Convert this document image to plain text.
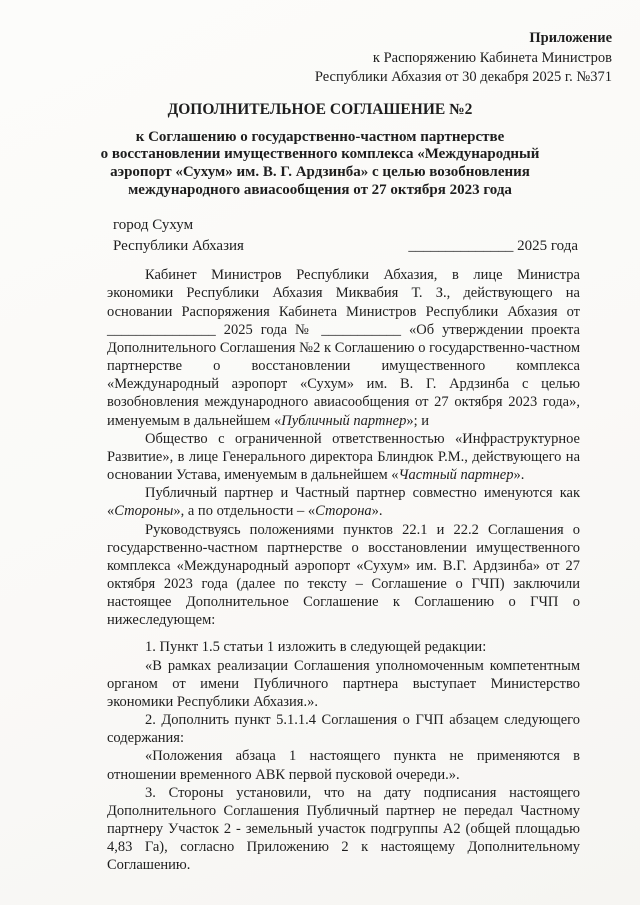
Приложение
к Распоряжению Кабинета Министров
Республики Абхазия от 30 декабря 2025 г. №371
ДОПОЛНИТЕЛЬНОЕ СОГЛАШЕНИЕ №2
к Соглашению о государственно-частном партнерстве
о восстановлении имущественного комплекса «Международный
аэропорт «Сухум» им. В. Г. Ардзинба» с целью возобновления
международного авиасообщения от 27 октября 2023 года
город Сухум
Республики Абхазия	______________ 2025 года

Кабинет Министров Республики Абхазия, в лице Министра экономики Республики Абхазия Миквабия Т. З., действующего на основании Распоряжения Кабинета Министров Республики Абхазия от _______________ 2025 года № ___________ «Об утверждении проекта Дополнительного Соглашения №2 к Соглашению о государственно-частном партнерстве о восстановлении имущественного комплекса «Международный аэропорт «Сухум» им. В. Г. Ардзинба с целью возобновления международного авиасообщения от 27 октября 2023 года», именуемым в дальнейшем «Публичный партнер»; и

Общество с ограниченной ответственностью «Инфраструктурное Развитие», в лице Генерального директора Блиндюк Р.М., действующего на основании Устава, именуемым в дальнейшем «Частный партнер».

Публичный партнер и Частный партнер совместно именуются как «Стороны», а по отдельности – «Сторона».

Руководствуясь положениями пунктов 22.1 и 22.2 Соглашения о государственно-частном партнерстве о восстановлении имущественного комплекса «Международный аэропорт «Сухум» им. В.Г. Ардзинба» от 27 октября 2023 года (далее по тексту – Соглашение о ГЧП) заключили настоящее Дополнительное Соглашение к Соглашению о ГЧП о нижеследующем:

1. Пункт 1.5 статьи 1 изложить в следующей редакции:

«В рамках реализации Соглашения уполномоченным компетентным органом от имени Публичного партнера выступает Министерство экономики Республики Абхазия.».

2. Дополнить пункт 5.1.1.4 Соглашения о ГЧП абзацем следующего содержания:

«Положения абзаца 1 настоящего пункта не применяются в отношении временного АВК первой пусковой очереди.».

3. Стороны установили, что на дату подписания настоящего Дополнительного Соглашения Публичный партнер не передал Частному партнеру Участок 2 - земельный участок подгруппы А2 (общей площадью 4,83 Га), согласно Приложению 2 к настоящему Дополнительному Соглашению.
